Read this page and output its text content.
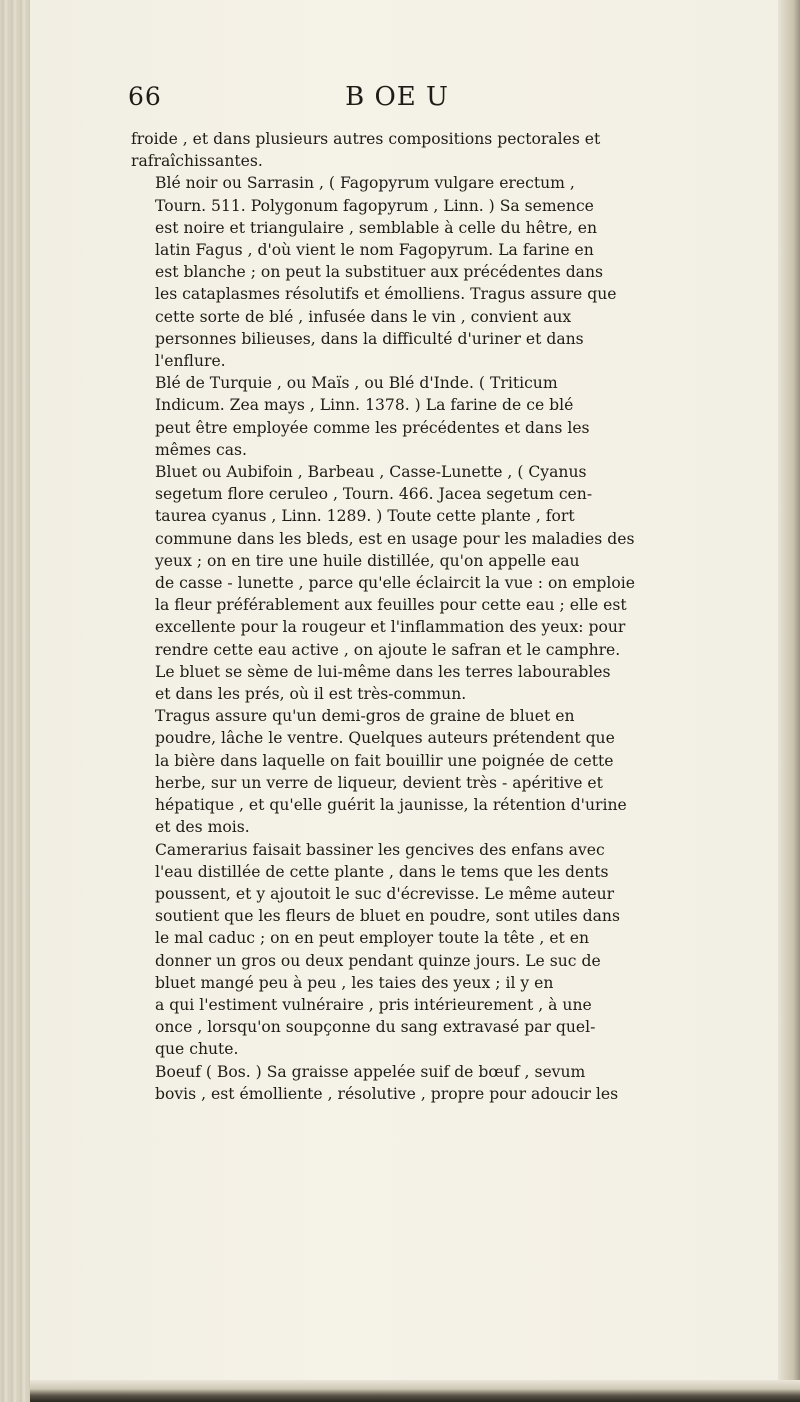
66	B OE U

froide , et dans plusieurs autres compositions pectorales et
rafraîchissantes.

Blé noir ou Sarrasin , ( Fagopyrum vulgare erectum ,
Tourn. 511. Polygonum fagopyrum , Linn. ) Sa semence
est noire et triangulaire , semblable à celle du hêtre, en
latin Fagus , d'où vient le nom Fagopyrum. La farine en
est blanche ; on peut la substituer aux précédentes dans
les cataplasmes résolutifs et émolliens. Tragus assure que
cette sorte de blé , infusée dans le vin , convient aux
personnes bilieuses, dans la difficulté d'uriner et dans
l'enflure.

Blé de Turquie , ou Maïs , ou Blé d'Inde. ( Triticum
Indicum. Zea mays , Linn. 1378. ) La farine de ce blé
peut être employée comme les précédentes et dans les
mêmes cas.

Bluet ou Aubifoin , Barbeau , Casse-Lunette , ( Cyanus
segetum flore ceruleo , Tourn. 466. Jacea segetum cen-
taurea cyanus , Linn. 1289. ) Toute cette plante , fort
commune dans les bleds, est en usage pour les maladies des
yeux ; on en tire une huile distillée, qu'on appelle eau
de casse - lunette , parce qu'elle éclaircit la vue : on emploie
la fleur préférablement aux feuilles pour cette eau ; elle est
excellente pour la rougeur et l'inflammation des yeux: pour
rendre cette eau active , on ajoute le safran et le camphre.
Le bluet se sème de lui-même dans les terres labourables
et dans les prés, où il est très-commun.

Tragus assure qu'un demi-gros de graine de bluet en
poudre, lâche le ventre. Quelques auteurs prétendent que
la bière dans laquelle on fait bouillir une poignée de cette
herbe, sur un verre de liqueur, devient très - apéritive et
hépatique , et qu'elle guérit la jaunisse, la rétention d'urine
et des mois.

Camerarius faisait bassiner les gencives des enfans avec
l'eau distillée de cette plante , dans le tems que les dents
poussent, et y ajoutoit le suc d'écrevisse. Le même auteur
soutient que les fleurs de bluet en poudre, sont utiles dans
le mal caduc ; on en peut employer toute la tête , et en
donner un gros ou deux pendant quinze jours. Le suc de
bluet mangé peu à peu , les taies des yeux ; il y en
a qui l'estiment vulnéraire , pris intérieurement , à une
once , lorsqu'on soupçonne du sang extravasé par quel-
que chute.

Boeuf ( Bos. ) Sa graisse appelée suif de bœuf , sevum
bovis , est émolliente , résolutive , propre pour adoucir les
